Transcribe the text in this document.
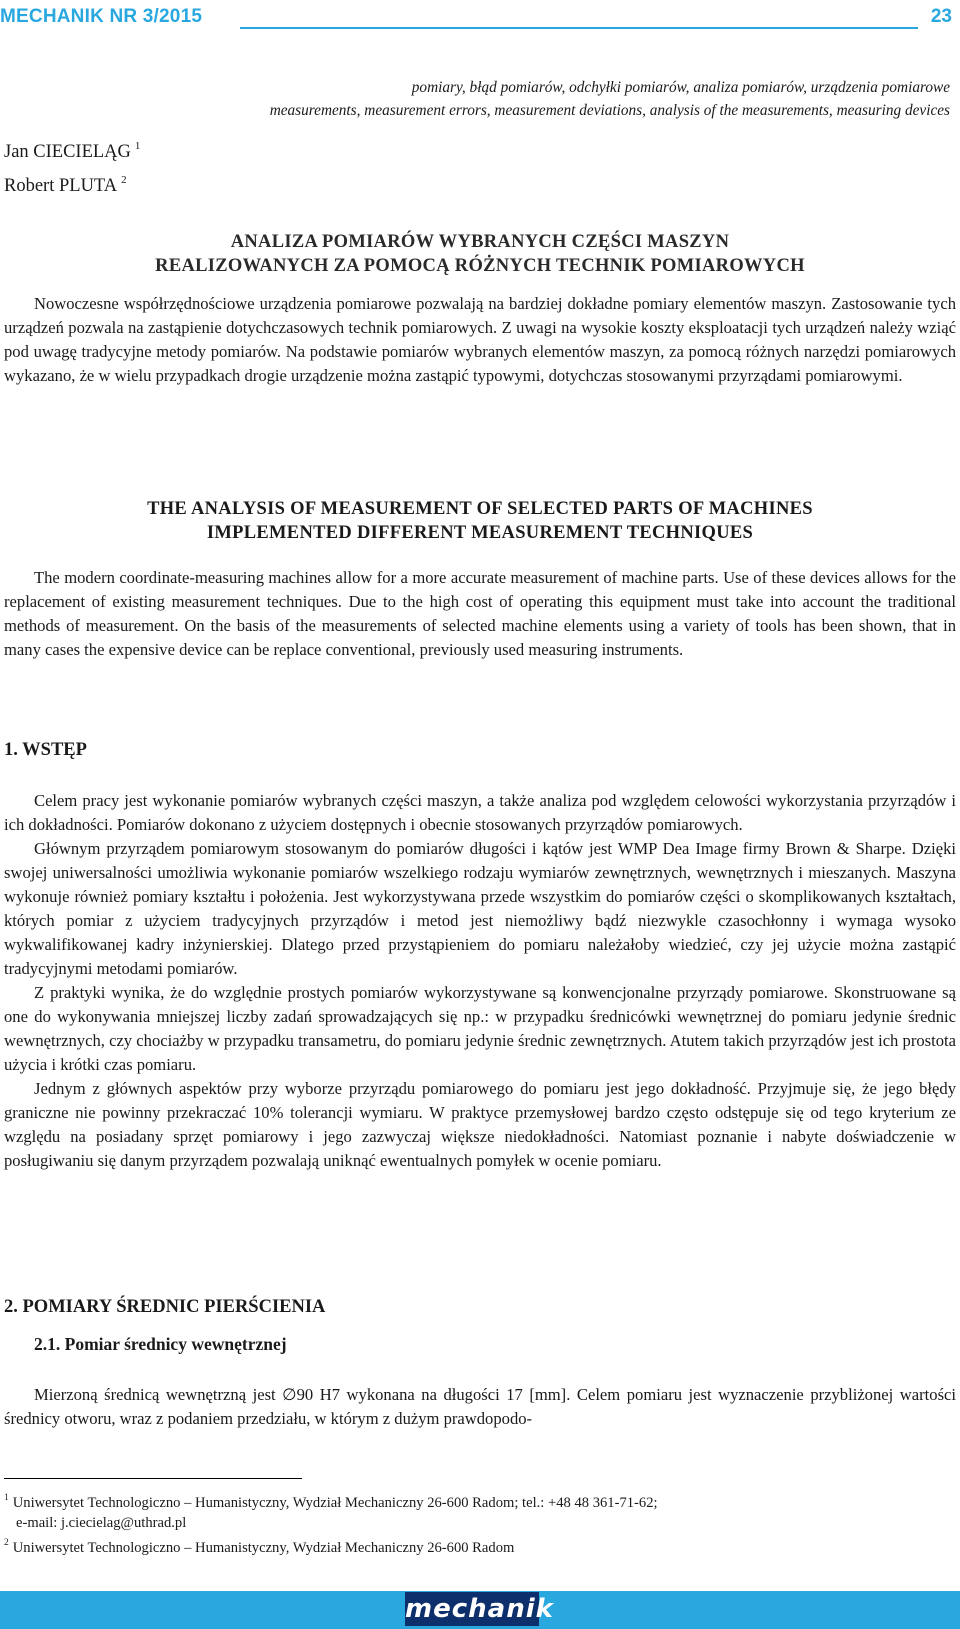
MECHANIK NR 3/2015	23
pomiary, błąd pomiarów, odchyłki pomiarów, analiza pomiarów, urządzenia pomiarowe
measurements, measurement errors, measurement deviations, analysis of the measurements, measuring devices
Jan CIECIELĄG $^1$
Robert PLUTA $^2$
ANALIZA POMIARÓW WYBRANYCH CZĘŚCI MASZYN
REALIZOWANYCH ZA POMOCĄ RÓŻNYCH TECHNIK POMIAROWYCH

Nowoczesne współrzędnościowe urządzenia pomiarowe pozwalają na bardziej dokładne pomiary elementów maszyn. Zastosowanie tych urządzeń pozwala na zastąpienie dotychczasowych technik pomiarowych. Z uwagi na wysokie koszty eksploatacji tych urządzeń należy wziąć pod uwagę tradycyjne metody pomiarów. Na podstawie pomiarów wybranych elementów maszyn, za pomocą różnych narzędzi pomiarowych wykazano, że w wielu przypadkach drogie urządzenie można zastąpić typowymi, dotychczas stosowanymi przyrządami pomiarowymi.

THE ANALYSIS OF MEASUREMENT OF SELECTED PARTS OF MACHINES
IMPLEMENTED DIFFERENT MEASUREMENT TECHNIQUES

The modern coordinate-measuring machines allow for a more accurate measurement of machine parts. Use of these devices allows for the replacement of existing measurement techniques. Due to the high cost of operating this equipment must take into account the traditional methods of measurement. On the basis of the measurements of selected machine elements using a variety of tools has been shown, that in many cases the expensive device can be replace conventional, previously used measuring instruments.

1. WSTĘP

Celem pracy jest wykonanie pomiarów wybranych części maszyn, a także analiza pod względem celowości wykorzystania przyrządów i ich dokładności. Pomiarów dokonano z użyciem dostępnych i obecnie stosowanych przyrządów pomiarowych.

Głównym przyrządem pomiarowym stosowanym do pomiarów długości i kątów jest WMP Dea Image firmy Brown & Sharpe. Dzięki swojej uniwersalności umożliwia wykonanie pomiarów wszelkiego rodzaju wymiarów zewnętrznych, wewnętrznych i mieszanych. Maszyna wykonuje również pomiary kształtu i położenia. Jest wykorzystywana przede wszystkim do pomiarów części o skomplikowanych kształtach, których pomiar z użyciem tradycyjnych przyrządów i metod jest niemożliwy bądź niezwykle czasochłonny i wymaga wysoko wykwalifikowanej kadry inżynierskiej. Dlatego przed przystąpieniem do pomiaru należałoby wiedzieć, czy jej użycie można zastąpić tradycyjnymi metodami pomiarów.

Z praktyki wynika, że do względnie prostych pomiarów wykorzystywane są konwencjonalne przyrządy pomiarowe. Skonstruowane są one do wykonywania mniejszej liczby zadań sprowadzających się np.: w przypadku średnicówki wewnętrznej do pomiaru jedynie średnic wewnętrznych, czy chociażby w przypadku transametru, do pomiaru jedynie średnic zewnętrznych. Atutem takich przyrządów jest ich prostota użycia i krótki czas pomiaru.

Jednym z głównych aspektów przy wyborze przyrządu pomiarowego do pomiaru jest jego dokładność. Przyjmuje się, że jego błędy graniczne nie powinny przekraczać 10% tolerancji wymiaru. W praktyce przemysłowej bardzo często odstępuje się od tego kryterium ze względu na posiadany sprzęt pomiarowy i jego zazwyczaj większe niedokładności. Natomiast poznanie i nabyte doświadczenie w posługiwaniu się danym przyrządem pozwalają uniknąć ewentualnych pomyłek w ocenie pomiaru.

2. POMIARY ŚREDNIC PIERŚCIENIA
2.1. Pomiar średnicy wewnętrznej

Mierzoną średnicą wewnętrzną jest ∅90 H7 wykonana na długości 17 [mm]. Celem pomiaru jest wyznaczenie przybliżonej wartości średnicy otworu, wraz z podaniem przedziału, w którym z dużym prawdopodo-

$^1$ Uniwersytet Technologiczno – Humanistyczny, Wydział Mechaniczny 26-600 Radom; tel.: +48 48 361-71-62;
e-mail: j.ciecielag@uthrad.pl
$^2$ Uniwersytet Technologiczno – Humanistyczny, Wydział Mechaniczny 26-600 Radom
mechanik
